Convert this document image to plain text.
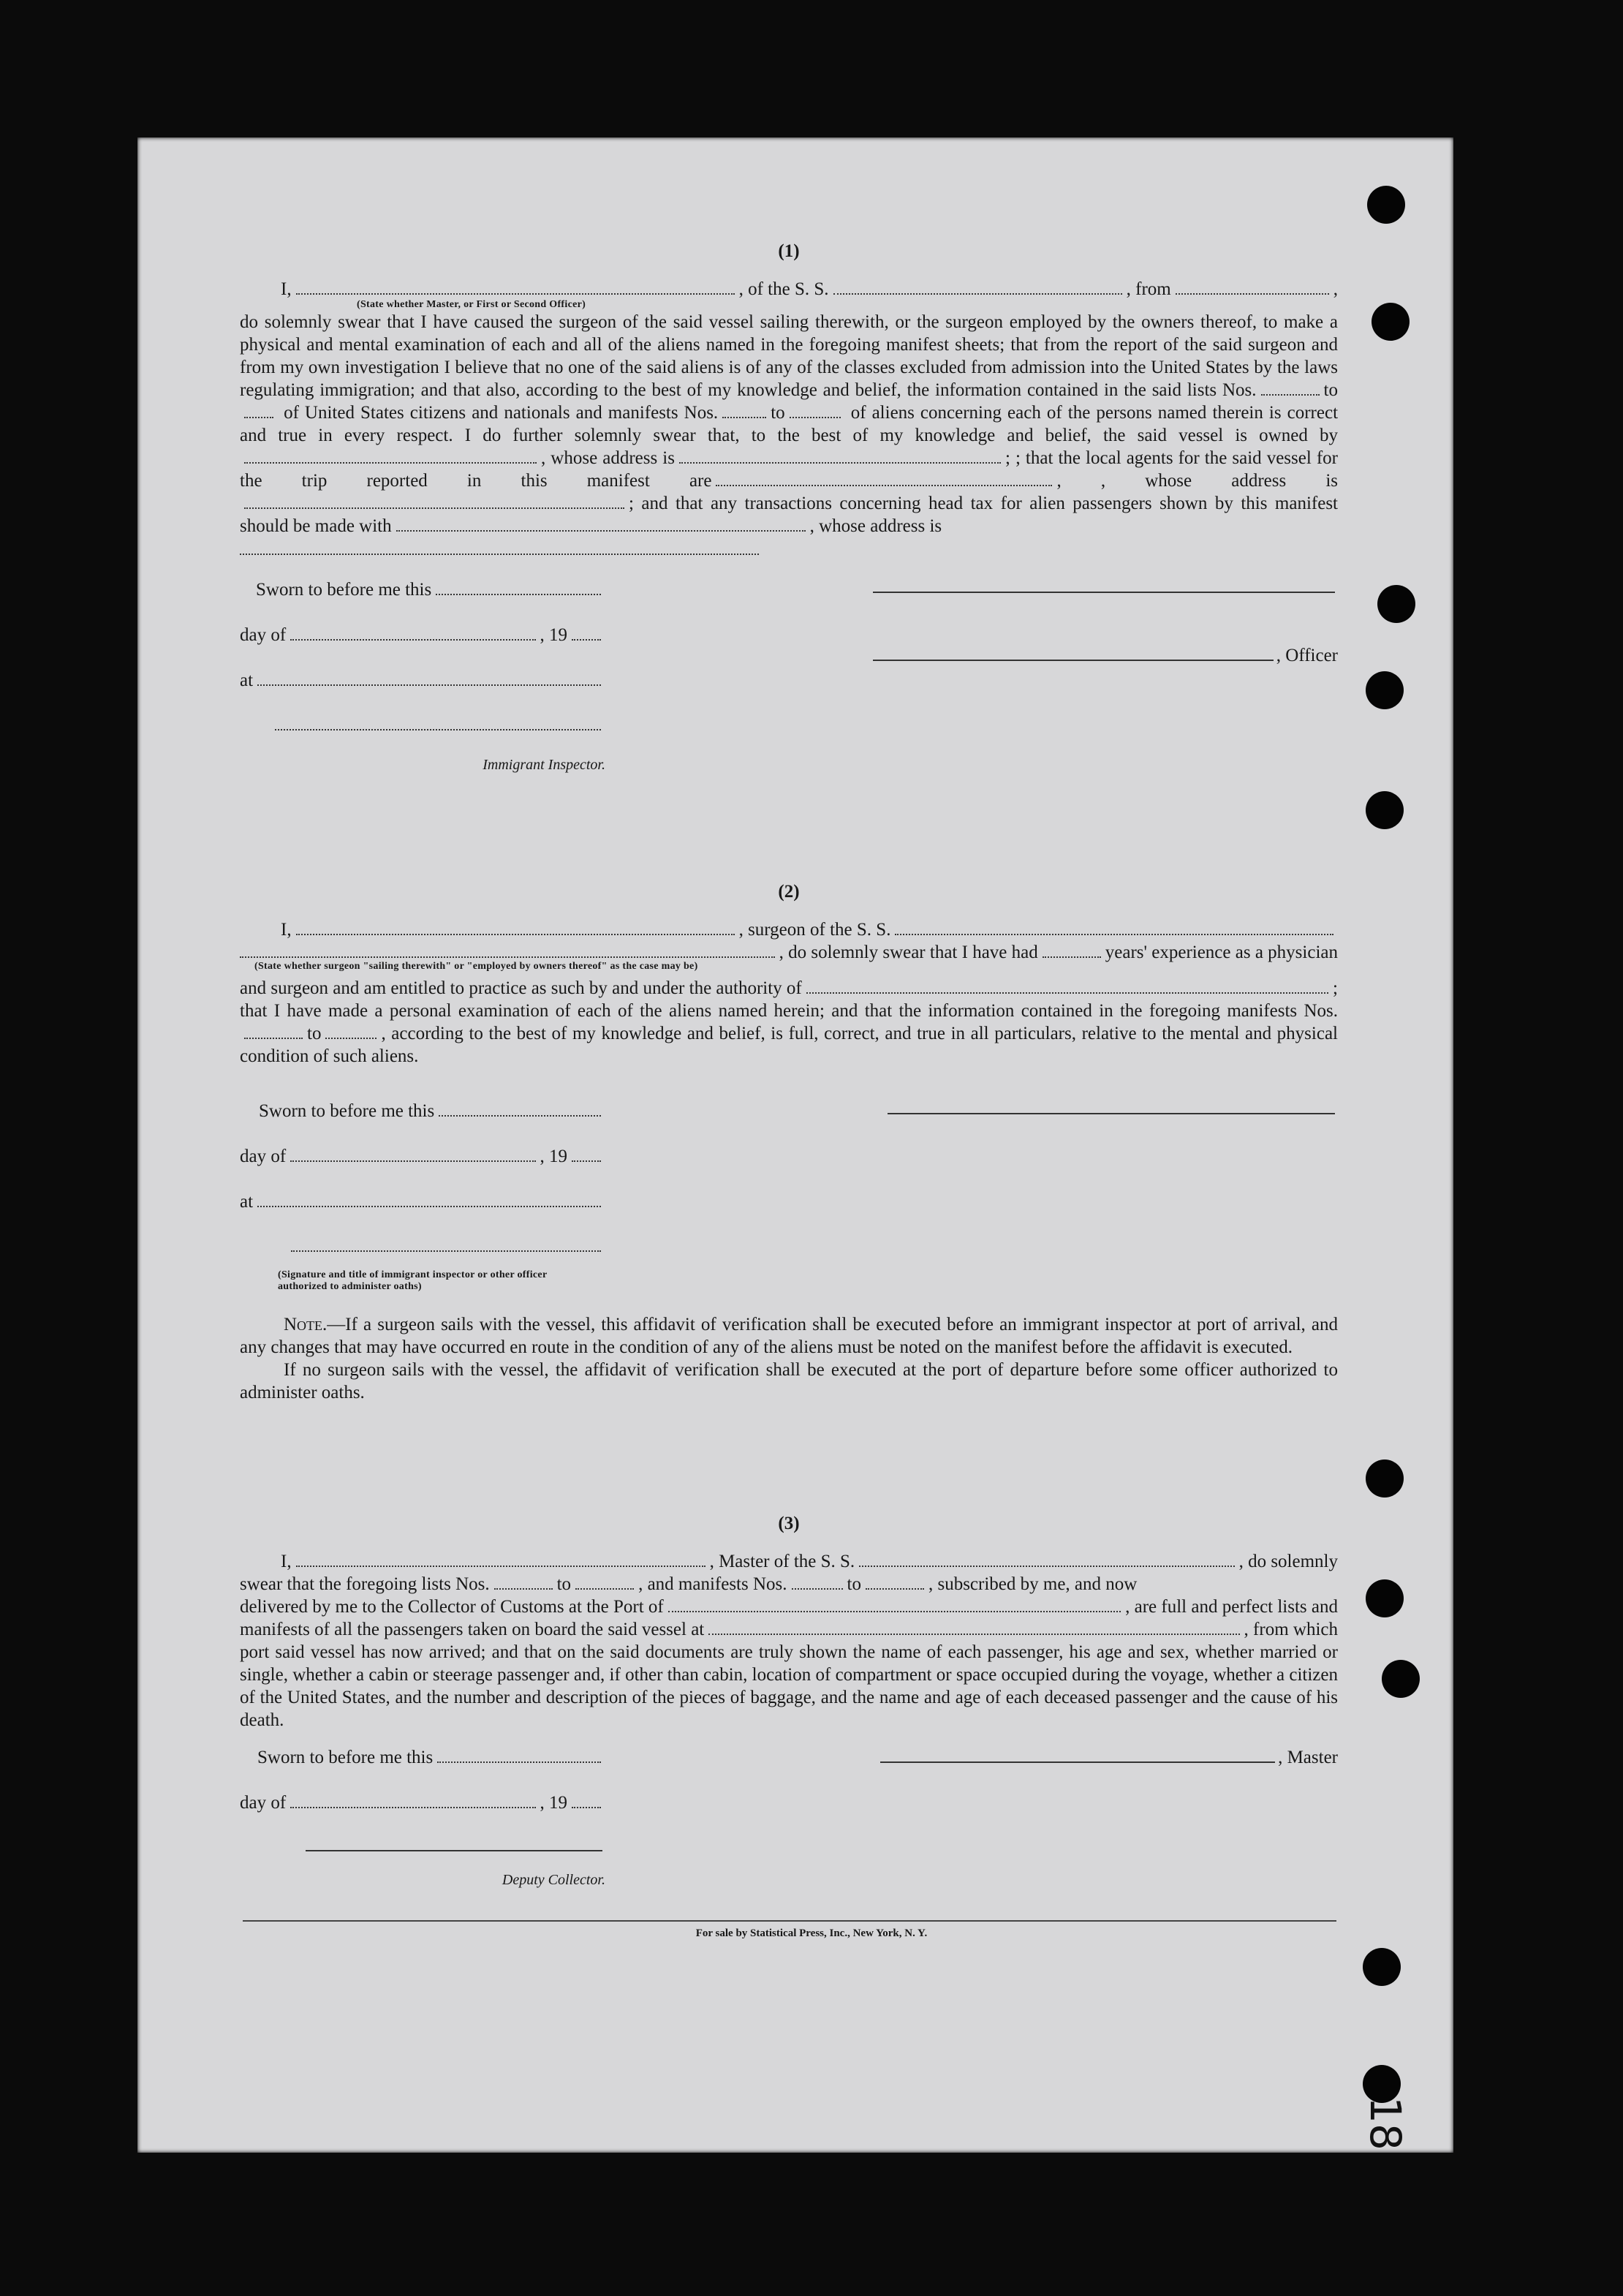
(1)
I,	, of the S. S.	, from	,
(State whether Master, or First or Second Officer)

do solemnly swear that I have caused the surgeon of the said vessel sailing therewith, or the surgeon employed by the owners thereof, to make a physical and mental examination of each and all of the aliens named in the foregoing manifest sheets; that from the report of the said surgeon and from my own investigation I believe that no one of the said aliens is of any of the classes excluded from admission into the United States by the laws regulating immigration; and that also, according to the best of my knowledge and belief, the information contained in the said lists Nos.	to of United States citizens and nationals and manifests Nos.	to	of aliens concerning each of the persons named therein is correct and true in every respect. I do further solemnly swear that, to the best of my knowledge and belief, the said vessel is owned by, whose address is	; ; that the local agents for the said vessel for the trip reported in this manifest are	, , whose address is; and that any transactions concerning head tax for alien passengers shown by this manifest should be made with	, whose address is

Sworn to before me this
day of	, 19
at
Immigrant Inspector.
, Officer
(2)
I,	, surgeon of the S. S.
, do solemnly swear that I have had	years' experience as a physician
(State whether surgeon "sailing therewith" or "employed by owners thereof" as the case may be)
and surgeon and am entitled to practice as such by and under the authority of	;

that I have made a personal examination of each of the aliens named herein; and that the information contained in the foregoing manifests Nos.to	, according to the best of my knowledge and belief, is full, correct, and true in all particulars, relative to the mental and physical condition of such aliens.

Sworn to before me this
day of	, 19
at
(Signature and title of immigrant inspector or other officer authorized to administer oaths)

Note.—If a surgeon sails with the vessel, this affidavit of verification shall be executed before an immigrant inspector at port of arrival, and any changes that may have occurred en route in the condition of any of the aliens must be noted on the manifest before the affidavit is executed.

If no surgeon sails with the vessel, the affidavit of verification shall be executed at the port of departure before some officer authorized to administer oaths.

(3)
I,	, Master of the S. S.	, do solemnly
swear that the foregoing lists Nos.	to	, and manifests Nos.	to	, subscribed by me, and now
delivered by me to the Collector of Customs at the Port of	, are full and perfect lists and
manifests of all the passengers taken on board the said vessel at	, from which

port said vessel has now arrived; and that on the said documents are truly shown the name of each passenger, his age and sex, whether married or single, whether a cabin or steerage passenger and, if other than cabin, location of compartment or space occupied during the voyage, whether a citizen of the United States, and the number and description of the pieces of baggage, and the name and age of each deceased passenger and the cause of his death.

Sworn to before me this
day of	, 19
Deputy Collector.
, Master
For sale by Statistical Press, Inc., New York, N. Y.
18
